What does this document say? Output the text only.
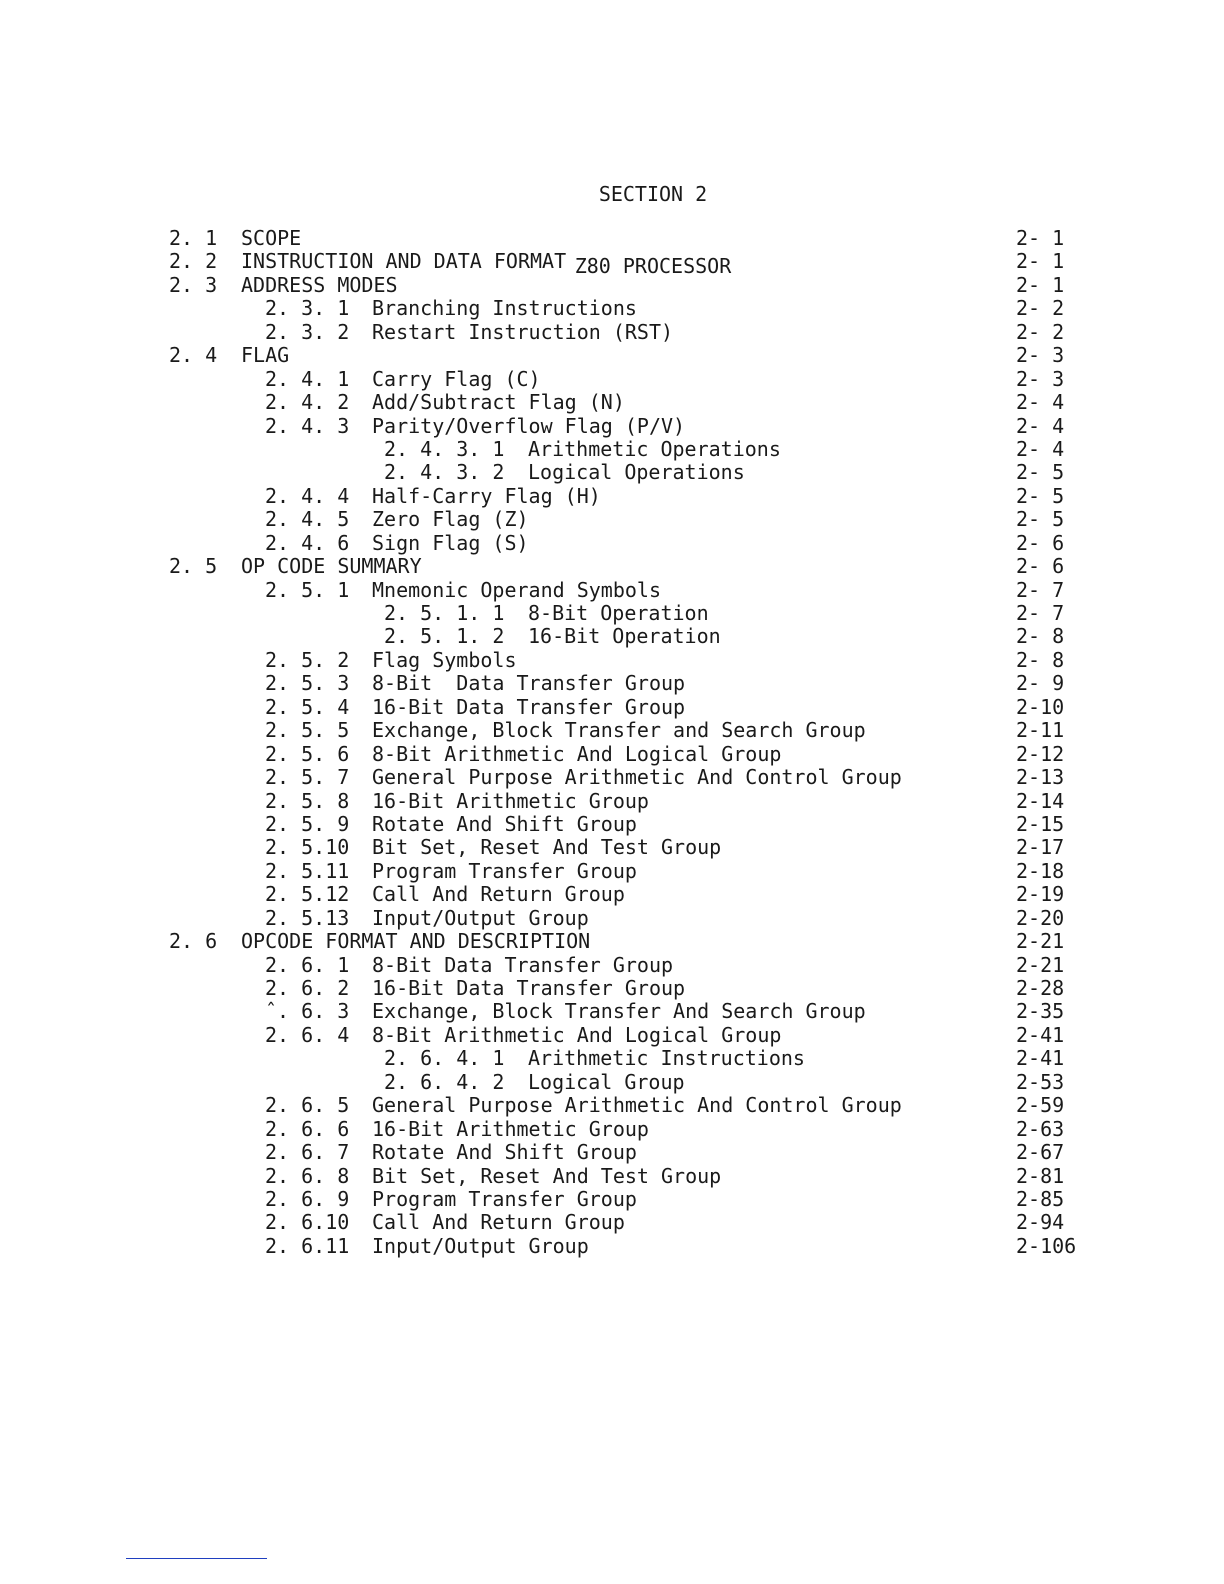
SECTION 2

Z80 PROCESSOR

2. 1 SCOPE	2- 1
2. 2 INSTRUCTION AND DATA FORMAT	2- 1
2. 3 ADDRESS MODES	2- 1
2. 3. 1 Branching Instructions	2- 2
2. 3. 2 Restart Instruction (RST)	2- 2
2. 4 FLAG	2- 3
2. 4. 1 Carry Flag (C)	2- 3
2. 4. 2 Add/Subtract Flag (N)	2- 4
2. 4. 3 Parity/Overflow Flag (P/V)	2- 4
2. 4. 3. 1 Arithmetic Operations	2- 4
2. 4. 3. 2 Logical Operations	2- 5
2. 4. 4 Half-Carry Flag (H)	2- 5
2. 4. 5 Zero Flag (Z)	2- 5
2. 4. 6 Sign Flag (S)	2- 6
2. 5 OP CODE SUMMARY	2- 6
2. 5. 1 Mnemonic Operand Symbols	2- 7
2. 5. 1. 1 8-Bit Operation	2- 7
2. 5. 1. 2 16-Bit Operation	2- 8
2. 5. 2 Flag Symbols	2- 8
2. 5. 3 8-Bit  Data Transfer Group	2- 9
2. 5. 4 16-Bit Data Transfer Group	2-10
2. 5. 5 Exchange, Block Transfer and Search Group	2-11
2. 5. 6 8-Bit Arithmetic And Logical Group	2-12
2. 5. 7 General Purpose Arithmetic And Control Group	2-13
2. 5. 8 16-Bit Arithmetic Group	2-14
2. 5. 9 Rotate And Shift Group	2-15
2. 5.10 Bit Set, Reset And Test Group	2-17
2. 5.11 Program Transfer Group	2-18
2. 5.12 Call And Return Group	2-19
2. 5.13 Input/Output Group	2-20
2. 6 OPCODE FORMAT AND DESCRIPTION	2-21
2. 6. 1 8-Bit Data Transfer Group	2-21
2. 6. 2 16-Bit Data Transfer Group	2-28
ˆ. 6. 3 Exchange, Block Transfer And Search Group	2-35
2. 6. 4 8-Bit Arithmetic And Logical Group	2-41
2. 6. 4. 1 Arithmetic Instructions	2-41
2. 6. 4. 2 Logical Group	2-53
2. 6. 5 General Purpose Arithmetic And Control Group	2-59
2. 6. 6 16-Bit Arithmetic Group	2-63
2. 6. 7 Rotate And Shift Group	2-67
2. 6. 8 Bit Set, Reset And Test Group	2-81
2. 6. 9 Program Transfer Group	2-85
2. 6.10 Call And Return Group	2-94
2. 6.11 Input/Output Group	2-106
